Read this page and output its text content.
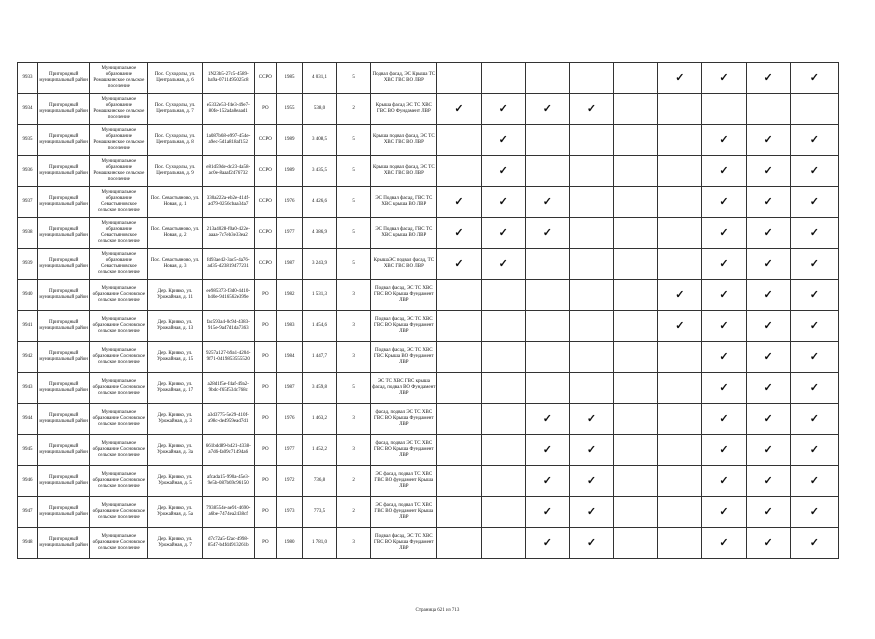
9933	Пригородный муниципальный район	Муниципальное образование Ромашкинское сельское поселение	Пос. Суходолы, ул. Центральная, д. 6	1N23b5-27c5-4589-ba9a-0711495025c8	ССРО	1985	4 031,1	5	Подвал фасад, ЭС Крыша ТС ХВС ГВС ВО ЛВР						✓	✓	✓	✓
9934	Пригородный муниципальный район	Муниципальное образование Ромашкинское сельское поселение	Пос. Суходолы, ул. Центральная, д. 7	e5332e53-f4e3-49e7-80fe-152a4a8eaad1	РО	1955	538,0	2	Крыша фасад ЭС ТС ХВС ГВС ВО Фундамент ЛВР	✓	✓	✓	✓					
9935	Пригородный муниципальный район	Муниципальное образование Ромашкинское сельское поселение	Пос. Суходолы, ул. Центральная, д. 8	1a087b68-e997-454e-a9ec-5d1a818af152	ССРО	1989	3 408,5	5	Крыша подвал фасад, ЭС ТС ХВС ГВС ВО ЛВР		✓					✓	✓	✓
9936	Пригородный муниципальный район	Муниципальное образование Ромашкинское сельское поселение	Пос. Суходолы, ул. Центральная, д. 9	e81d59de-dc23-4a58-ac0e-8aaaf2476732	ССРО	1989	3 435,5	5	Крыша подвал фасад, ЭС ТС ХВС ГВС ВО ЛВР		✓					✓	✓	✓
9937	Пригородный муниципальный район	Муниципальное образование Севастьяновское сельское поселение	Пос. Севастьяново, ул. Новая, д. 1	330a222a-eb2e-414f-ad79-0256cbaa34a7	ССРО	1976	4 426,6	5	ЭС Подвал фасад, ГВС ТС ХВС крыша ВО ЛВР	✓	✓	✓				✓	✓	✓
9938	Пригородный муниципальный район	Муниципальное образование Севастьяновское сельское поселение	Пос. Севастьяново, ул. Новая, д. 2	213a4028-f0a0-422e-aaaa-7c7eb3e33ea2	ССРО	1977	4 386,9	5	ЭС Подвал фасад, ГВС ТС ХВС крыша ВО ЛВР	✓	✓	✓				✓	✓	✓
9939	Пригородный муниципальный район	Муниципальное образование Севастьяновское сельское поселение	Пос. Севастьяново, ул. Новая, д. 3	fd93ae42-3ac5-4a76-ad35-d23819477231	ССРО	1987	3 243,9	5	КрышаЭС подвал фасад, ТС ХВС ГВС ВО ЛВР	✓	✓					✓	✓	✓
9940	Пригородный муниципальный район	Муниципальное образование Сосновское сельское поселение	Дер. Кривко, ул. Урожайная, д. 11	ee985373-f3d0-4410-b40e-9416562e399e	РО	1982	1 531,3	3	Подвал фасад, ЭС ТС ХВС ГВС ВО Крыша Фундамент ЛВР						✓	✓	✓	✓
9941	Пригородный муниципальный район	Муниципальное образование Сосновское сельское поселение	Дер. Кривко, ул. Урожайная, д. 13	fac593a4-0c94-4383-915e-9a47d1da7363	РО	1983	1 454,6	3	Подвал фасад, ЭС ТС ХВС ГВС ВО Крыша Фундамент ЛВР						✓	✓	✓	✓
9942	Пригородный муниципальный район	Муниципальное образование Сосновское сельское поселение	Дер. Кривко, ул. Урожайная, д. 15	9257a127-b9a1-4204-9f71-0419853555520	РО	1984	1 447,7	3	Подвал фасад, ЭС ТС ХВС ГВС Крыша ВО Фундамент ЛВР							✓	✓	✓
9943	Пригородный муниципальный район	Муниципальное образование Сосновское сельское поселение	Дер. Кривко, ул. Урожайная, д. 17	a28d1f5e-f4af-49a2-9bdc-f65f534c768c	РО	1987	3 459,8	5	ЭС ТС ХВС ГВС крыша фасад, подвал ВО Фундамент ЛВР							✓	✓	✓
9944	Пригородный муниципальный район	Муниципальное образование Сосновское сельское поселение	Дер. Кривко, ул. Урожайная, д. 3	a3d3775-5e29-410f-a98c-de4959ead7d1	РО	1976	1 463,2	3	фасад, подвал ЭС ТС ХВС ГВС ВО Крыша Фундамент ЛВР			✓	✓			✓	✓	✓
9945	Пригородный муниципальный район	Муниципальное образование Сосновское сельское поселение	Дер. Кривко, ул. Урожайная, д. 3а	661bdd89-b421-4338-a7d6-fa09c71494a6	РО	1977	1 452,2	3	фасад, подвал ЭС ТС ХВС ГВС ВО Крыша Фундамент ЛВР			✓	✓			✓	✓	✓
9946	Пригородный муниципальный район	Муниципальное образование Сосновское сельское поселение	Дер. Кривко, ул. Урожайная, д. 5	afcada15-990a-45e3-9e5b-087b69c96150	РО	1972	736,8	2	ЭС фасад, подвал ТС ХВС ГВС ВО фундамент Крыша ЛВР			✓	✓			✓	✓	✓
9947	Пригородный муниципальный район	Муниципальное образование Сосновское сельское поселение	Дер. Кривко, ул. Урожайная, д. 5а	7938554e-ae91-4690-a6be-7474ea2438cf	РО	1973	773,5	2	ЭС фасад, подвал ТС ХВС ГВС ВО фундамент Крыша ЛВР			✓	✓			✓	✓	✓
9948	Пригородный муниципальный район	Муниципальное образование Сосновское сельское поселение	Дер. Кривко, ул. Урожайная, д. 7	d7c72a5-f2ac-4998-8547-b4fd4913261b	РО	1980	1 781,0	3	Подвал фасад, ЭС ТС ХВС ГВС ВО Крыша Фундамент ЛВР			✓	✓			✓	✓	✓
Страница 621 из 713
